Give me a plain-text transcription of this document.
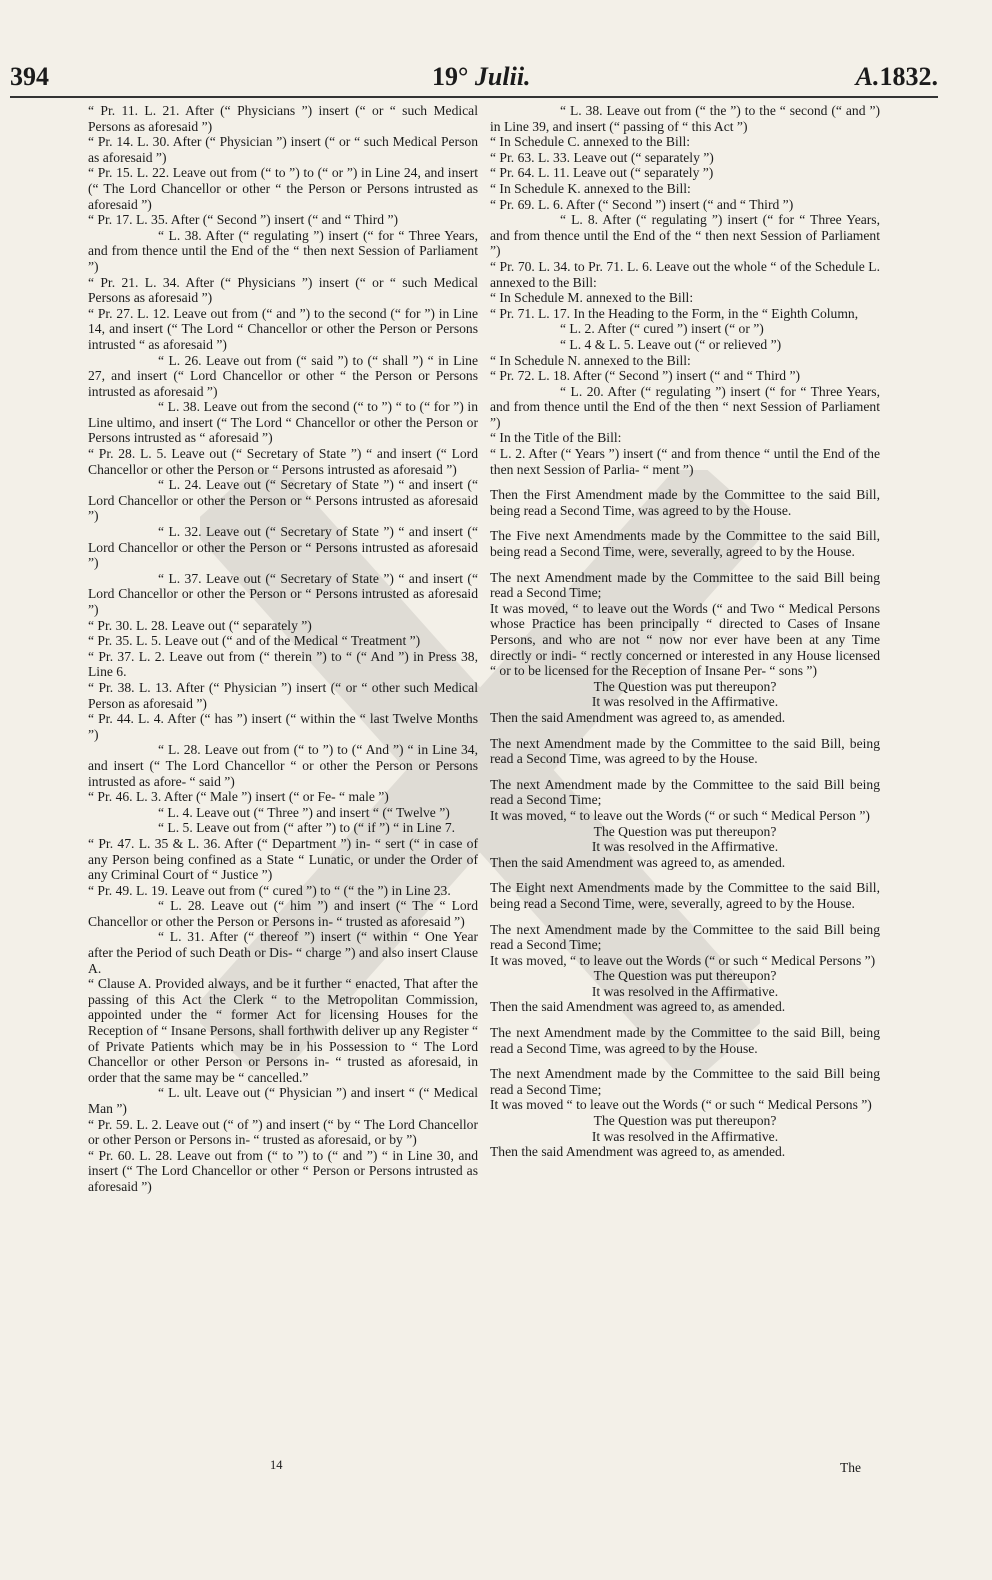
394	19° Julii.	A.1832.

“ Pr. 11. L. 21. After (“ Physicians ”) insert (“ or “ such Medical Persons as aforesaid ”)

“ Pr. 14. L. 30. After (“ Physician ”) insert (“ or “ such Medical Person as aforesaid ”)

“ Pr. 15. L. 22. Leave out from (“ to ”) to (“ or ”) in Line 24, and insert (“ The Lord Chancellor or other “ the Person or Persons intrusted as aforesaid ”)

“ Pr. 17. L. 35. After (“ Second ”) insert (“ and “ Third ”)

“ L. 38. After (“ regulating ”) insert (“ for “ Three Years, and from thence until the End of the “ then next Session of Parliament ”)

“ Pr. 21. L. 34. After (“ Physicians ”) insert (“ or “ such Medical Persons as aforesaid ”)

“ Pr. 27. L. 12. Leave out from (“ and ”) to the second (“ for ”) in Line 14, and insert (“ The Lord “ Chancellor or other the Person or Persons intrusted “ as aforesaid ”)

“ L. 26. Leave out from (“ said ”) to (“ shall ”) “ in Line 27, and insert (“ Lord Chancellor or other “ the Person or Persons intrusted as aforesaid ”)

“ L. 38. Leave out from the second (“ to ”) “ to (“ for ”) in Line ultimo, and insert (“ The Lord “ Chancellor or other the Person or Persons intrusted as “ aforesaid ”)

“ Pr. 28. L. 5. Leave out (“ Secretary of State ”) “ and insert (“ Lord Chancellor or other the Person or “ Persons intrusted as aforesaid ”)

“ L. 24. Leave out (“ Secretary of State ”) “ and insert (“ Lord Chancellor or other the Person or “ Persons intrusted as aforesaid ”)

“ L. 32. Leave out (“ Secretary of State ”) “ and insert (“ Lord Chancellor or other the Person or “ Persons intrusted as aforesaid ”)

“ L. 37. Leave out (“ Secretary of State ”) “ and insert (“ Lord Chancellor or other the Person or “ Persons intrusted as aforesaid ”)

“ Pr. 30. L. 28. Leave out (“ separately ”)

“ Pr. 35. L. 5. Leave out (“ and of the Medical “ Treatment ”)

“ Pr. 37. L. 2. Leave out from (“ therein ”) to “ (“ And ”) in Press 38, Line 6.

“ Pr. 38. L. 13. After (“ Physician ”) insert (“ or “ other such Medical Person as aforesaid ”)

“ Pr. 44. L. 4. After (“ has ”) insert (“ within the “ last Twelve Months ”)

“ L. 28. Leave out from (“ to ”) to (“ And ”) “ in Line 34, and insert (“ The Lord Chancellor “ or other the Person or Persons intrusted as afore- “ said ”)

“ Pr. 46. L. 3. After (“ Male ”) insert (“ or Fe- “ male ”)

“ L. 4. Leave out (“ Three ”) and insert “ (“ Twelve ”)

“ L. 5. Leave out from (“ after ”) to (“ if ”) “ in Line 7.

“ Pr. 47. L. 35 & L. 36. After (“ Department ”) in- “ sert (“ in case of any Person being confined as a State “ Lunatic, or under the Order of any Criminal Court of “ Justice ”)

“ Pr. 49. L. 19. Leave out from (“ cured ”) to “ (“ the ”) in Line 23.

“ L. 28. Leave out (“ him ”) and insert (“ The “ Lord Chancellor or other the Person or Persons in- “ trusted as aforesaid ”)

“ L. 31. After (“ thereof ”) insert (“ within “ One Year after the Period of such Death or Dis- “ charge ”) and also insert Clause A.

“ Clause A. Provided always, and be it further “ enacted, That after the passing of this Act the Clerk “ to the Metropolitan Commission, appointed under the “ former Act for licensing Houses for the Reception of “ Insane Persons, shall forthwith deliver up any Register “ of Private Patients which may be in his Possession to “ The Lord Chancellor or other Person or Persons in- “ trusted as aforesaid, in order that the same may be “ cancelled.”

“ L. ult. Leave out (“ Physician ”) and insert “ (“ Medical Man ”)

“ Pr. 59. L. 2. Leave out (“ of ”) and insert (“ by “ The Lord Chancellor or other Person or Persons in- “ trusted as aforesaid, or by ”)

“ Pr. 60. L. 28. Leave out from (“ to ”) to (“ and ”) “ in Line 30, and insert (“ The Lord Chancellor or other “ Person or Persons intrusted as aforesaid ”)

“ L. 38. Leave out from (“ the ”) to the “ second (“ and ”) in Line 39, and insert (“ passing of “ this Act ”)

“ In Schedule C. annexed to the Bill:

“ Pr. 63. L. 33. Leave out (“ separately ”)

“ Pr. 64. L. 11. Leave out (“ separately ”)

“ In Schedule K. annexed to the Bill:

“ Pr. 69. L. 6. After (“ Second ”) insert (“ and “ Third ”)

“ L. 8. After (“ regulating ”) insert (“ for “ Three Years, and from thence until the End of the “ then next Session of Parliament ”)

“ Pr. 70. L. 34. to Pr. 71. L. 6. Leave out the whole “ of the Schedule L. annexed to the Bill:

“ In Schedule M. annexed to the Bill:

“ Pr. 71. L. 17. In the Heading to the Form, in the “ Eighth Column,

“ L. 2. After (“ cured ”) insert (“ or ”)

“ L. 4 & L. 5. Leave out (“ or relieved ”)

“ In Schedule N. annexed to the Bill:

“ Pr. 72. L. 18. After (“ Second ”) insert (“ and “ Third ”)

“ L. 20. After (“ regulating ”) insert (“ for “ Three Years, and from thence until the End of the then “ next Session of Parliament ”)

“ In the Title of the Bill:

“ L. 2. After (“ Years ”) insert (“ and from thence “ until the End of the then next Session of Parlia- “ ment ”)

Then the First Amendment made by the Committee to the said Bill, being read a Second Time, was agreed to by the House.

The Five next Amendments made by the Committee to the said Bill, being read a Second Time, were, severally, agreed to by the House.

The next Amendment made by the Committee to the said Bill being read a Second Time;

It was moved, “ to leave out the Words (“ and Two “ Medical Persons whose Practice has been principally “ directed to Cases of Insane Persons, and who are not “ now nor ever have been at any Time directly or indi- “ rectly concerned or interested in any House licensed “ or to be licensed for the Reception of Insane Per- “ sons ”)

The Question was put thereupon?

It was resolved in the Affirmative.

Then the said Amendment was agreed to, as amended.

The next Amendment made by the Committee to the said Bill, being read a Second Time, was agreed to by the House.

The next Amendment made by the Committee to the said Bill being read a Second Time;

It was moved, “ to leave out the Words (“ or such “ Medical Person ”)

The Question was put thereupon?

It was resolved in the Affirmative.

Then the said Amendment was agreed to, as amended.

The Eight next Amendments made by the Committee to the said Bill, being read a Second Time, were, severally, agreed to by the House.

The next Amendment made by the Committee to the said Bill being read a Second Time;

It was moved, “ to leave out the Words (“ or such “ Medical Persons ”)

The Question was put thereupon?

It was resolved in the Affirmative.

Then the said Amendment was agreed to, as amended.

The next Amendment made by the Committee to the said Bill, being read a Second Time, was agreed to by the House.

The next Amendment made by the Committee to the said Bill being read a Second Time;

It was moved “ to leave out the Words (“ or such “ Medical Persons ”)

The Question was put thereupon?

It was resolved in the Affirmative.

Then the said Amendment was agreed to, as amended.

14	The
